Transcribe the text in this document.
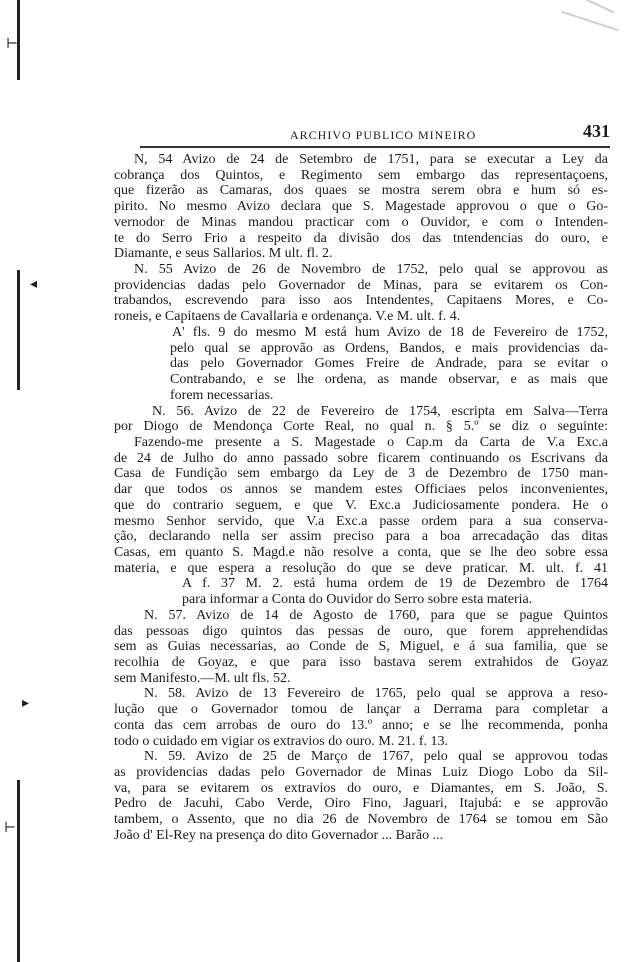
◂
▸
⊢
⊢
ARCHIVO PUBLICO MINEIRO	431
N, 54 Avizo de 24 de Setembro de 1751, para se executar a Ley da
cobrança dos Quintos, e Regimento sem embargo das representaçoens,
que fizerão as Camaras, dos quaes se mostra serem obra e hum só es-
pirito. No mesmo Avizo declara que S. Magestade approvou o que o Go-
vernodor de Minas mandou practicar com o Ouvidor, e com o Intenden-
te do Serro Frio a respeito da divisão dos das tntendencias do ouro, e
Diamante, e seus Sallarios. M ult. fl. 2.
N. 55 Avizo de 26 de Novembro de 1752, pelo qual se approvou as
providencias dadas pelo Governador de Minas, para se evitarem os Con-
trabandos, escrevendo para isso aos Intendentes, Capitaens Mores, e Co-
roneis, e Capitaens de Cavallaria e ordenança. V.e M. ult. f. 4.
A' fls. 9 do mesmo M está hum Avizo de 18 de Fevereiro de 1752,
pelo qual se approvão as Ordens, Bandos, e mais providencias da-
das pelo Governador Gomes Freire de Andrade, para se evitar o
Contrabando, e se lhe ordena, as mande observar, e as mais que
forem necessarias.
N. 56. Avizo de 22 de Fevereiro de 1754, escripta em Salva—Terra
por Diogo de Mendonça Corte Real, no qual n. § 5.º se diz o seguinte:
Fazendo-me presente a S. Magestade o Cap.m da Carta de V.a Exc.a
de 24 de Julho do anno passado sobre ficarem continuando os Escrivans da
Casa de Fundição sem embargo da Ley de 3 de Dezembro de 1750 man-
dar que todos os annos se mandem estes Officiaes pelos inconvenientes,
que do contrario seguem, e que V. Exc.a Judiciosamente pondera. He o
mesmo Senhor servido, que V.a Exc.a passe ordem para a sua conserva-
ção, declarando nella ser assim preciso para a boa arrecadação das ditas
Casas, em quanto S. Magd.e não resolve a conta, que se lhe deo sobre essa
materia, e que espera a resolução do que se deve praticar. M. ult. f. 41
A f. 37 M. 2. está huma ordem de 19 de Dezembro de 1764
para informar a Conta do Ouvidor do Serro sobre esta materia.
N. 57. Avizo de 14 de Agosto de 1760, para que se pague Quintos
das pessoas digo quintos das pessas de ouro, que forem apprehendidas
sem as Guias necessarias, ao Conde de S, Miguel, e á sua familia, que se
recolhia de Goyaz, e que para isso bastava serem extrahidos de Goyaz
sem Manifesto.—M. ult fls. 52.
N. 58. Avizo de 13 Fevereiro de 1765, pelo qual se approva a reso-
lução que o Governador tomou de lançar a Derrama para completar a
conta das cem arrobas de ouro do 13.º anno; e se lhe recommenda, ponha
todo o cuidado em vigiar os extravios do ouro. M. 21. f. 13.
N. 59. Avizo de 25 de Março de 1767, pelo qual se approvou todas
as providencias dadas pelo Governador de Minas Luiz Diogo Lobo da Sil-
va, para se evitarem os extravios do ouro, e Diamantes, em S. João, S.
Pedro de Jacuhi, Cabo Verde, Oiro Fino, Jaguari, Itajubá: e se approvão
tambem, o Assento, que no dia 26 de Novembro de 1764 se tomou em São
João d' El-Rey na presença do dito Governador ... Barão ...
